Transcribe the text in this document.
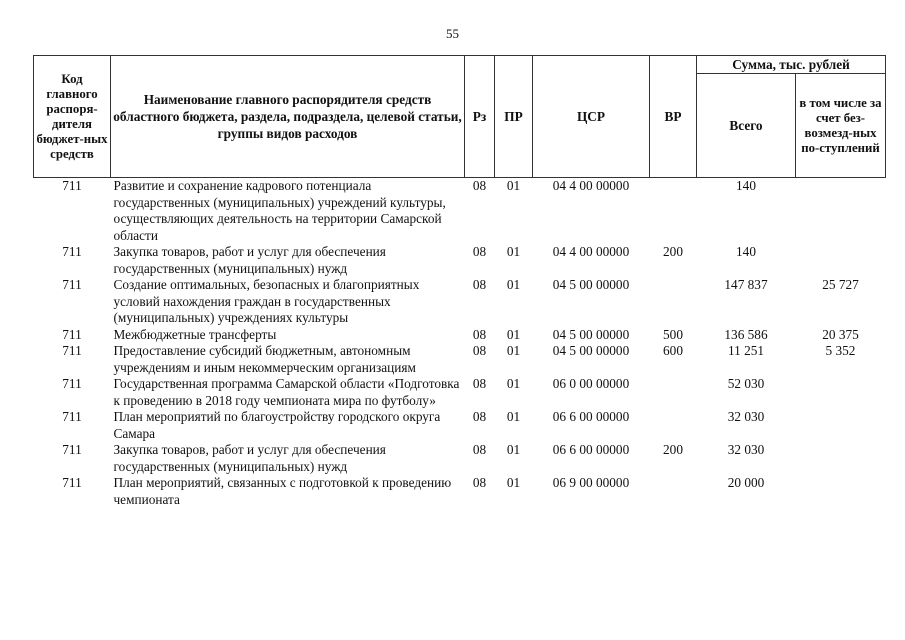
55
Код главного распоря-дителя бюджет-ных средств	Наименование главного распорядителя средств областного бюджета, раздела, подраздела, целевой статьи, группы видов расходов	Рз	ПР	ЦСР	ВР	Сумма, тыс. рублей	
						Всего	в том числе за счет без-возмезд-ных по-ступлений
711	Развитие и сохранение кадрового потенциала государственных (муниципальных) учреждений культуры, осуществляющих деятельность на территории Самарской области	08	01	04 4 00 00000		140	
711	Закупка товаров, работ и услуг для обеспечения государственных (муниципальных) нужд	08	01	04 4 00 00000	200	140	
711	Создание оптимальных, безопасных и благоприятных условий нахождения граждан в государственных (муниципальных) учреждениях культуры	08	01	04 5 00 00000		147 837	25 727
711	Межбюджетные трансферты	08	01	04 5 00 00000	500	136 586	20 375
711	Предоставление субсидий бюджетным, автономным учреждениям и иным некоммерческим организациям	08	01	04 5 00 00000	600	11 251	5 352
711	Государственная программа Самарской области «Подготовка к проведению в 2018 году чемпионата мира по футболу»	08	01	06 0 00 00000		52 030	
711	План мероприятий по благоустройству городского округа Самара	08	01	06 6 00 00000		32 030	
711	Закупка товаров, работ и услуг для обеспечения государственных (муниципальных) нужд	08	01	06 6 00 00000	200	32 030	
711	План мероприятий, связанных с подготовкой к проведению чемпионата	08	01	06 9 00 00000		20 000	
